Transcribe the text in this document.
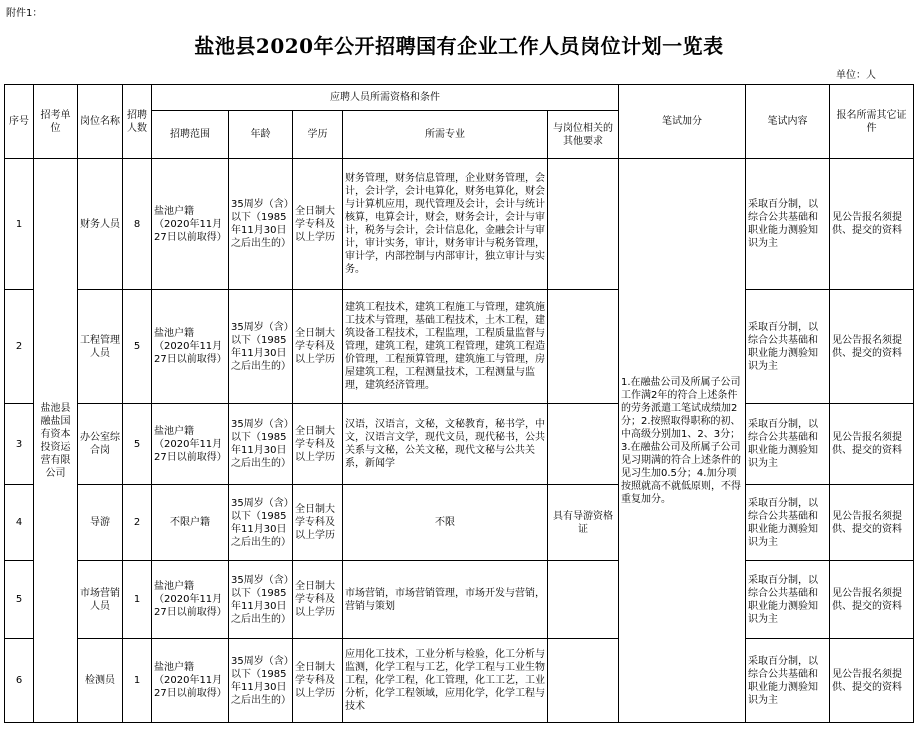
附件1：
盐池县2020年公开招聘国有企业工作人员岗位计划一览表
单位：人
序号	招考单位	岗位名称	招聘人数	应聘人员所需资格和条件					笔试加分	笔试内容	报名所需其它证件
				招聘范围	年龄	学历	所需专业	与岗位相关的其他要求			
1	盐池县融盐国有资本投资运营有限公司	财务人员	8	盐池户籍（2020年11月27日以前取得）	35周岁（含）以下（1985年11月30日之后出生的）	全日制大学专科及以上学历	财务管理，财务信息管理，企业财务管理，会计，会计学，会计电算化，财务电算化，财会与计算机应用，现代管理及会计，会计与统计核算，电算会计，财会，财务会计，会计与审计，税务与会计，会计信息化，金融会计与审计，审计实务，审计，财务审计与税务管理，审计学，内部控制与内部审计，独立审计与实务。		1.在融盐公司及所属子公司工作满2年的符合上述条件的劳务派遣工笔试成绩加2分；2.按照取得职称的初、中高级分别加1、2、3分；3.在融盐公司及所属子公司见习期满的符合上述条件的见习生加0.5分；4.加分项按照就高不就低原则，不得重复加分。	采取百分制，以综合公共基础和职业能力测验知识为主	见公告报名须提供、提交的资料
2		工程管理人员	5	盐池户籍（2020年11月27日以前取得）	35周岁（含）以下（1985年11月30日之后出生的）	全日制大学专科及以上学历	建筑工程技术，建筑工程施工与管理，建筑施工技术与管理，基础工程技术，土木工程，建筑设备工程技术，工程监理，工程质量监督与管理，建筑工程，建筑工程管理，建筑工程造价管理，工程预算管理，建筑施工与管理，房屋建筑工程，工程测量技术，工程测量与监理，建筑经济管理。			采取百分制，以综合公共基础和职业能力测验知识为主	见公告报名须提供、提交的资料
3		办公室综合岗	5	盐池户籍（2020年11月27日以前取得）	35周岁（含）以下（1985年11月30日之后出生的）	全日制大学专科及以上学历	汉语，汉语言，文秘，文秘教育，秘书学，中文，汉语言文学，现代文员，现代秘书，公共关系与文秘，公关文秘，现代文秘与公共关系，新闻学			采取百分制，以综合公共基础和职业能力测验知识为主	见公告报名须提供、提交的资料
4		导游	2	不限户籍	35周岁（含）以下（1985年11月30日之后出生的）	全日制大学专科及以上学历	不限	具有导游资格证		采取百分制，以综合公共基础和职业能力测验知识为主	见公告报名须提供、提交的资料
5		市场营销人员	1	盐池户籍（2020年11月27日以前取得）	35周岁（含）以下（1985年11月30日之后出生的）	全日制大学专科及以上学历	市场营销，市场营销管理，市场开发与营销，营销与策划			采取百分制，以综合公共基础和职业能力测验知识为主	见公告报名须提供、提交的资料
6		检测员	1	盐池户籍（2020年11月27日以前取得）	35周岁（含）以下（1985年11月30日之后出生的）	全日制大学专科及以上学历	应用化工技术，工业分析与检验，化工分析与监测，化学工程与工艺，化学工程与工业生物工程，化学工程，化工管理，化工工艺，工业分析，化学工程领域，应用化学，化学工程与技术			采取百分制，以综合公共基础和职业能力测验知识为主	见公告报名须提供、提交的资料
